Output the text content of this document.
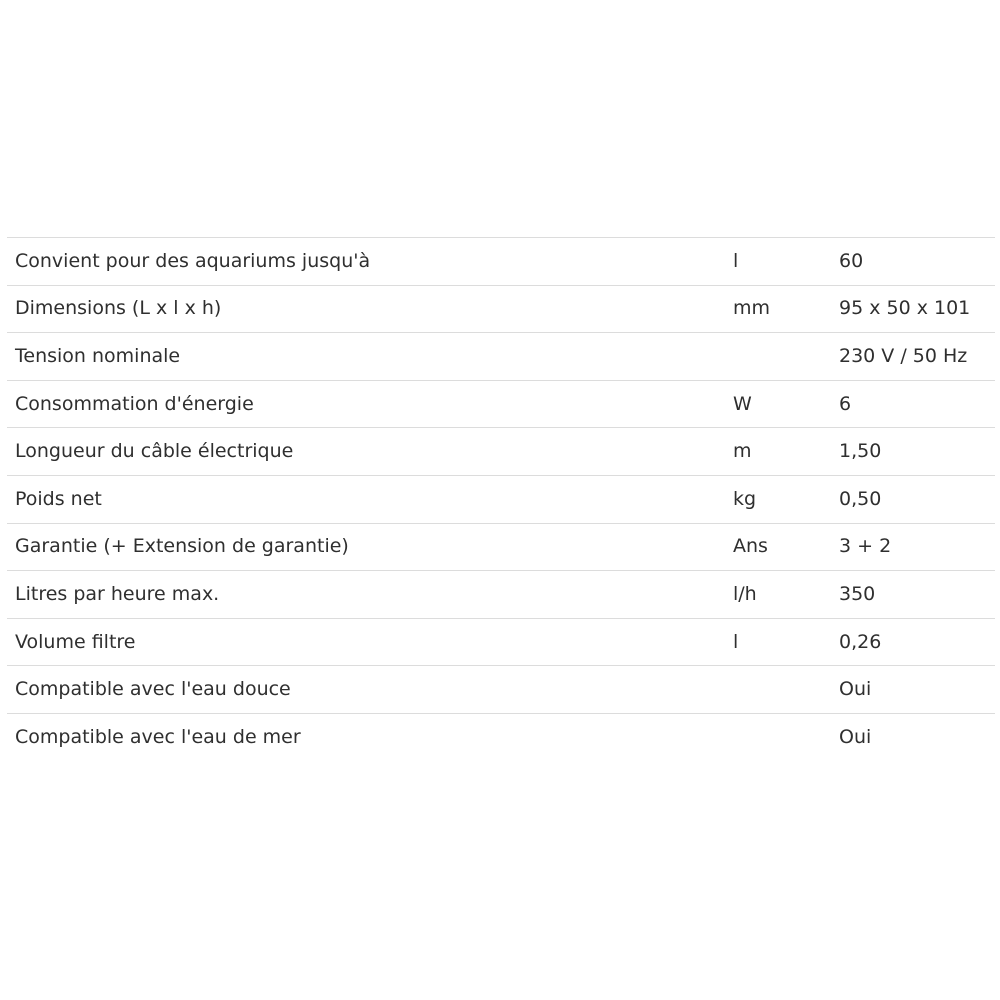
Convient pour des aquariums jusqu'à	l	60
Dimensions (L x l x h)	mm	95 x 50 x 101
Tension nominale		230 V / 50 Hz
Consommation d'énergie	W	6
Longueur du câble électrique	m	1,50
Poids net	kg	0,50
Garantie (+ Extension de garantie)	Ans	3 + 2
Litres par heure max.	l/h	350
Volume filtre	l	0,26
Compatible avec l'eau douce		Oui
Compatible avec l'eau de mer		Oui
